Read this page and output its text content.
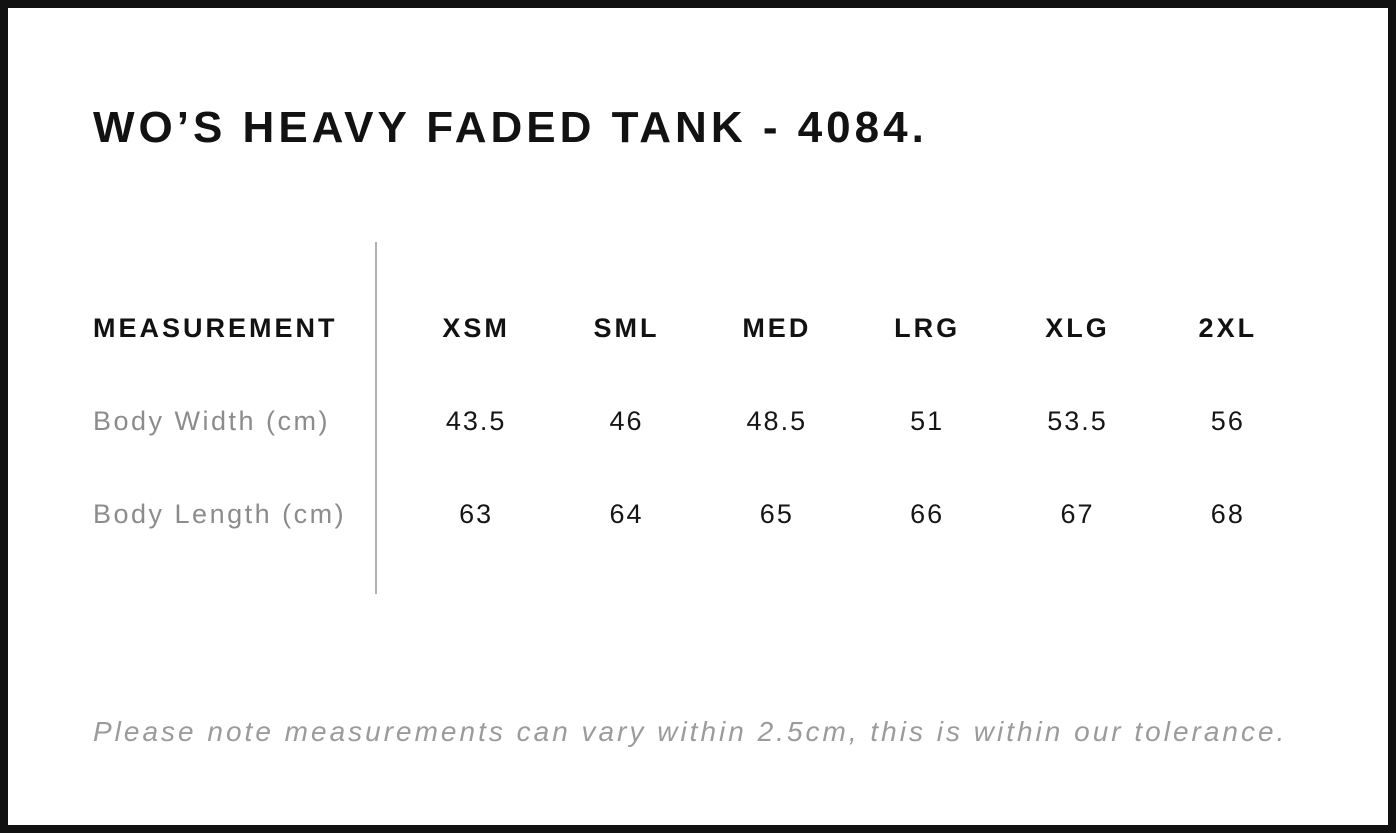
WO’S HEAVY FADED TANK - 4084.
MEASUREMENT	XSM	SML	MED	LRG	XLG	2XL
Body Width (cm)	43.5	46	48.5	51	53.5	56
Body Length (cm)	63	64	65	66	67	68
Please note measurements can vary within 2.5cm, this is within our tolerance.
